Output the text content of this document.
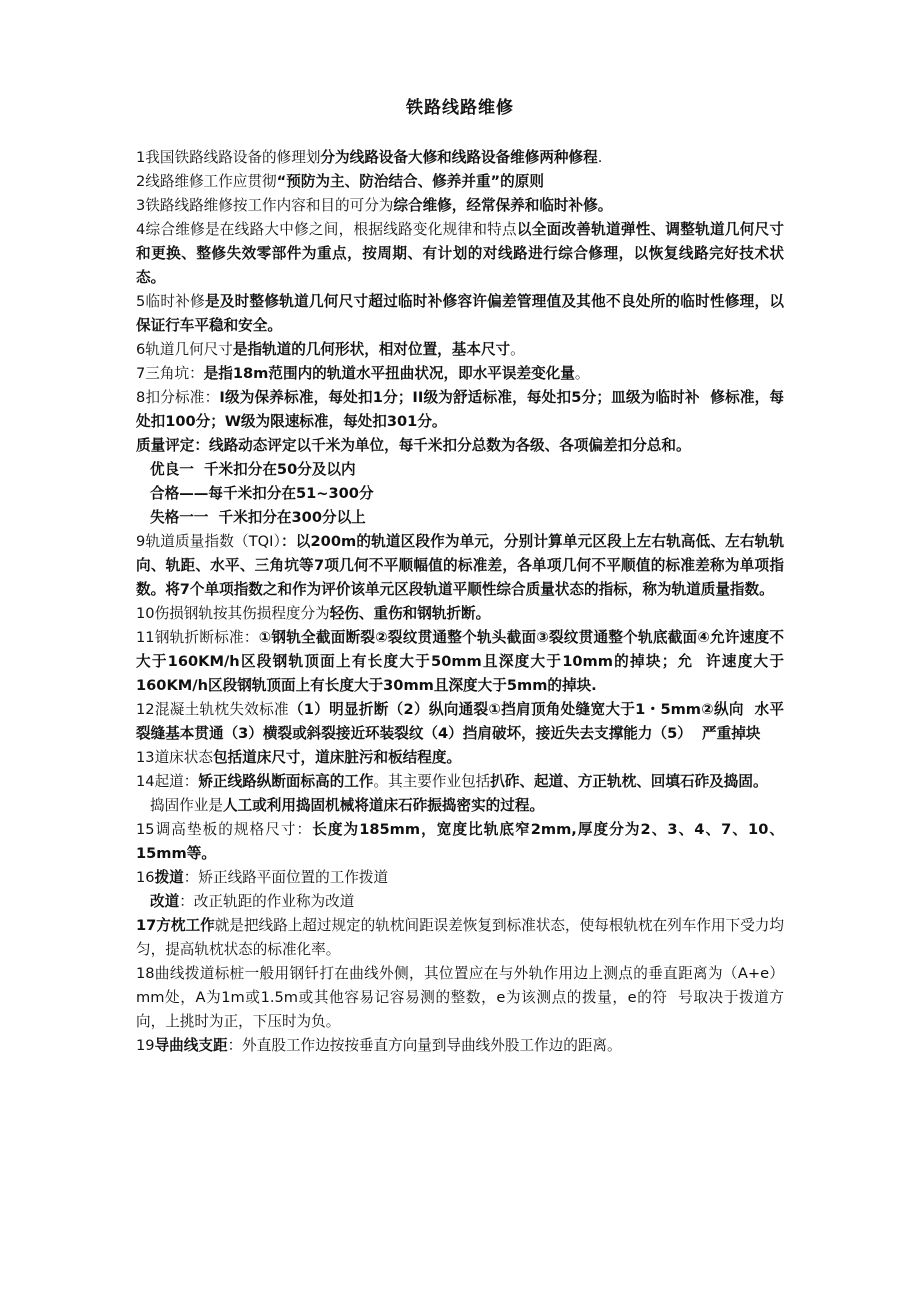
铁路线路维修

1我国铁路线路设备的修理划分为线路设备大修和线路设备维修两种修程.

2线路维修工作应贯彻“预防为主、防治结合、修养并重”的原则

3铁路线路维修按工作内容和目的可分为综合维修，经常保养和临时补修。

4综合维修是在线路大中修之间，根据线路变化规律和特点以全面改善轨道弹性、调整轨道几何尺寸和更换、整修失效零部件为重点，按周期、有计划的对线路进行综合修理，以恢复线路完好技术状态。

5临时补修是及时整修轨道几何尺寸超过临时补修容许偏差管理值及其他不良处所的临时性修理，以保证行车平稳和安全。

6轨道几何尺寸是指轨道的几何形状，相对位置，基本尺寸。

7三角坑：是指18m范围内的轨道水平扭曲状况，即水平误差变化量。

8扣分标准：I级为保养标准，每处扣1分；II级为舒适标准，每处扣5分；皿级为临时补  修标准，每处扣100分；W级为限速标准，每处扣301分。

质量评定：线路动态评定以千米为单位，每千米扣分总数为各级、各项偏差扣分总和。

优良一  千米扣分在50分及以内

合格——每千米扣分在51~300分

失格一一  千米扣分在300分以上

9轨道质量指数（TQI）：以200m的轨道区段作为单元，分别计算单元区段上左右轨高低、左右轨轨向、轨距、水平、三角坑等7项几何不平顺幅值的标准差，各单项几何不平顺值的标准差称为单项指数。将7个单项指数之和作为评价该单元区段轨道平顺性综合质量状态的指标，称为轨道质量指数。

10伤损钢轨按其伤损程度分为轻伤、重伤和钢轨折断。

11钢轨折断标准：①钢轨全截面断裂②裂纹贯通整个轨头截面③裂纹贯通整个轨底截面④允许速度不大于160KM/h区段钢轨顶面上有长度大于50mm且深度大于10mm的掉块；允  许速度大于160KM/h区段钢轨顶面上有长度大于30mm且深度大于5mm的掉块.

12混凝土轨枕失效标准（1）明显折断（2）纵向通裂①挡肩顶角处缝宽大于1・5mm②纵向  水平裂缝基本贯通（3）横裂或斜裂接近环装裂纹（4）挡肩破坏，接近失去支撑能力（5）  严重掉块

13道床状态包括道床尺寸，道床脏污和板结程度。

14起道：矫正线路纵断面标高的工作。其主要作业包括扒砟、起道、方正轨枕、回填石砟及捣固。

捣固作业是人工或利用捣固机械将道床石砟振捣密实的过程。

15调高垫板的规格尺寸：长度为185mm，宽度比轨底窄2mm,厚度分为2、3、4、7、10、15mm等。

16拨道：矫正线路平面位置的工作拨道

改道：改正轨距的作业称为改道

17方枕工作就是把线路上超过规定的轨枕间距误差恢复到标准状态，使每根轨枕在列车作用下受力均匀，提高轨枕状态的标准化率。

18曲线拨道标桩一般用钢钎打在曲线外侧，其位置应在与外轨作用边上测点的垂直距离为（A+e）  mm处，A为1m或1.5m或其他容易记容易测的整数，e为该测点的拨量，e的符  号取决于拨道方向，上挑时为正，下压时为负。

19导曲线支距：外直股工作边按按垂直方向量到导曲线外股工作边的距离。
